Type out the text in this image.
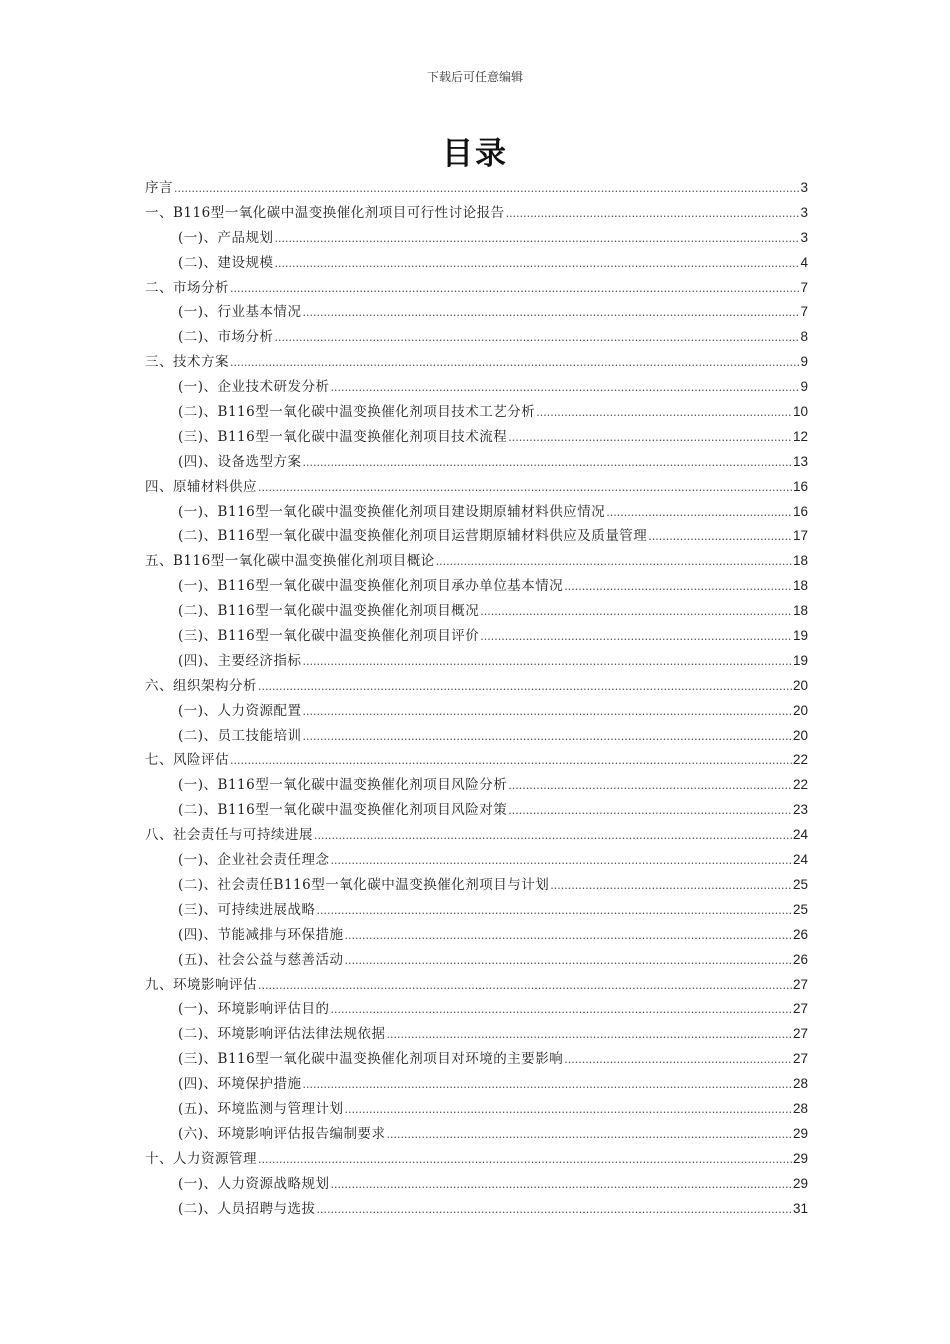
下载后可任意编辑
目录
序言 .....	3
一、B116型一氧化碳中温变换催化剂项目可行性讨论报告 .....	3
(一)、产品规划 .....	3
(二)、建设规模 .....	4
二、市场分析 .....	7
(一)、行业基本情况 .....	7
(二)、市场分析 .....	8
三、技术方案 .....	9
(一)、企业技术研发分析 .....	9
(二)、B116型一氧化碳中温变换催化剂项目技术工艺分析 .....	10
(三)、B116型一氧化碳中温变换催化剂项目技术流程 .....	12
(四)、设备选型方案 .....	13
四、原辅材料供应 .....	16
(一)、B116型一氧化碳中温变换催化剂项目建设期原辅材料供应情况 .....	16
(二)、B116型一氧化碳中温变换催化剂项目运营期原辅材料供应及质量管理 .....	17
五、B116型一氧化碳中温变换催化剂项目概论 .....	18
(一)、B116型一氧化碳中温变换催化剂项目承办单位基本情况 .....	18
(二)、B116型一氧化碳中温变换催化剂项目概况 .....	18
(三)、B116型一氧化碳中温变换催化剂项目评价 .....	19
(四)、主要经济指标 .....	19
六、组织架构分析 .....	20
(一)、人力资源配置 .....	20
(二)、员工技能培训 .....	20
七、风险评估 .....	22
(一)、B116型一氧化碳中温变换催化剂项目风险分析 .....	22
(二)、B116型一氧化碳中温变换催化剂项目风险对策 .....	23
八、社会责任与可持续进展 .....	24
(一)、企业社会责任理念 .....	24
(二)、社会责任B116型一氧化碳中温变换催化剂项目与计划 .....	25
(三)、可持续进展战略 .....	25
(四)、节能减排与环保措施 .....	26
(五)、社会公益与慈善活动 .....	26
九、环境影响评估 .....	27
(一)、环境影响评估目的 .....	27
(二)、环境影响评估法律法规依据 .....	27
(三)、B116型一氧化碳中温变换催化剂项目对环境的主要影响 .....	27
(四)、环境保护措施 .....	28
(五)、环境监测与管理计划 .....	28
(六)、环境影响评估报告编制要求 .....	29
十、人力资源管理 .....	29
(一)、人力资源战略规划 .....	29
(二)、人员招聘与选拔 .....	31
